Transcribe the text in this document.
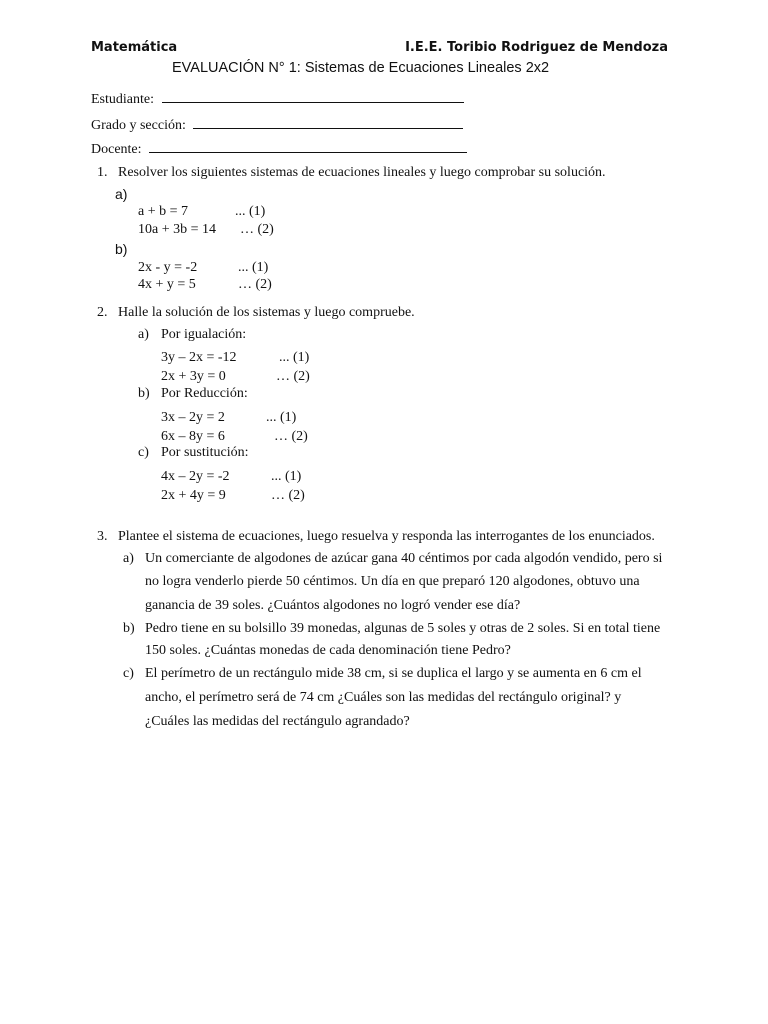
Matemática	I.E.E. Toribio Rodriguez de Mendoza
EVALUACIÓN N° 1: Sistemas de Ecuaciones Lineales 2x2
Estudiante:
Grado y sección:
Docente:
1. Resolver los siguientes sistemas de ecuaciones lineales y luego comprobar su solución.
a)
a + b = 7	... (1)
10a + 3b = 14 … (2)
b)
2x - y = -2	... (1)
4x + y = 5	… (2)
2. Halle la solución de los sistemas y luego compruebe.
a) Por igualación:
3y – 2x = -12	... (1)
2x + 3y = 0	… (2)
b) Por Reducción:
3x – 2y = 2	... (1)
6x – 8y = 6	… (2)
c) Por sustitución:
4x – 2y = -2	... (1)
2x + 4y = 9	… (2)
3. Plantee el sistema de ecuaciones, luego resuelva y responda las interrogantes de los enunciados.
a) Un comerciante de algodones de azúcar gana 40 céntimos por cada algodón vendido, pero si
no logra venderlo pierde 50 céntimos. Un día en que preparó 120 algodones, obtuvo una
ganancia de 39 soles. ¿Cuántos algodones no logró vender ese día?
b) Pedro tiene en su bolsillo 39 monedas, algunas de 5 soles y otras de 2 soles. Si en total tiene
150 soles. ¿Cuántas monedas de cada denominación tiene Pedro?
c) El perímetro de un rectángulo mide 38 cm, si se duplica el largo y se aumenta en 6 cm el
ancho, el perímetro será de 74 cm ¿Cuáles son las medidas del rectángulo original? y
¿Cuáles las medidas del rectángulo agrandado?
